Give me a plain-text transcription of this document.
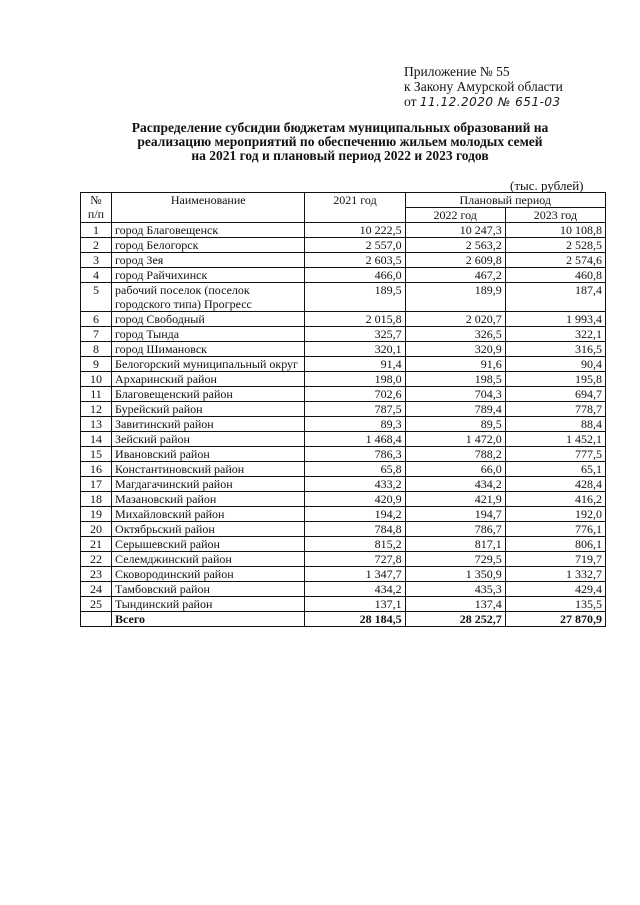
Приложение № 55
к Закону Амурской области
от 11.12.2020 № 651-03
Распределение субсидии бюджетам муниципальных образований на
реализацию мероприятий по обеспечению жильем молодых семей
на 2021 год и плановый период 2022 и 2023 годов
(тыс. рублей)
№
п/п	Наименование	2021 год	Плановый период	
			2022 год	2023 год
1	город Благовещенск	10 222,5	10 247,3	10 108,8
2	город Белогорск	2 557,0	2 563,2	2 528,5
3	город Зея	2 603,5	2 609,8	2 574,6
4	город Райчихинск	466,0	467,2	460,8
5	рабочий поселок (поселок городского типа) Прогресс	189,5	189,9	187,4
6	город Свободный	2 015,8	2 020,7	1 993,4
7	город Тында	325,7	326,5	322,1
8	город Шимановск	320,1	320,9	316,5
9	Белогорский муниципальный округ	91,4	91,6	90,4
10	Архаринский район	198,0	198,5	195,8
11	Благовещенский район	702,6	704,3	694,7
12	Бурейский район	787,5	789,4	778,7
13	Завитинский район	89,3	89,5	88,4
14	Зейский район	1 468,4	1 472,0	1 452,1
15	Ивановский район	786,3	788,2	777,5
16	Константиновский район	65,8	66,0	65,1
17	Магдагачинский район	433,2	434,2	428,4
18	Мазановский район	420,9	421,9	416,2
19	Михайловский район	194,2	194,7	192,0
20	Октябрьский район	784,8	786,7	776,1
21	Серышевский район	815,2	817,1	806,1
22	Селемджинский район	727,8	729,5	719,7
23	Сковородинский район	1 347,7	1 350,9	1 332,7
24	Тамбовский район	434,2	435,3	429,4
25	Тындинский район	137,1	137,4	135,5
	Всего	28 184,5	28 252,7	27 870,9
